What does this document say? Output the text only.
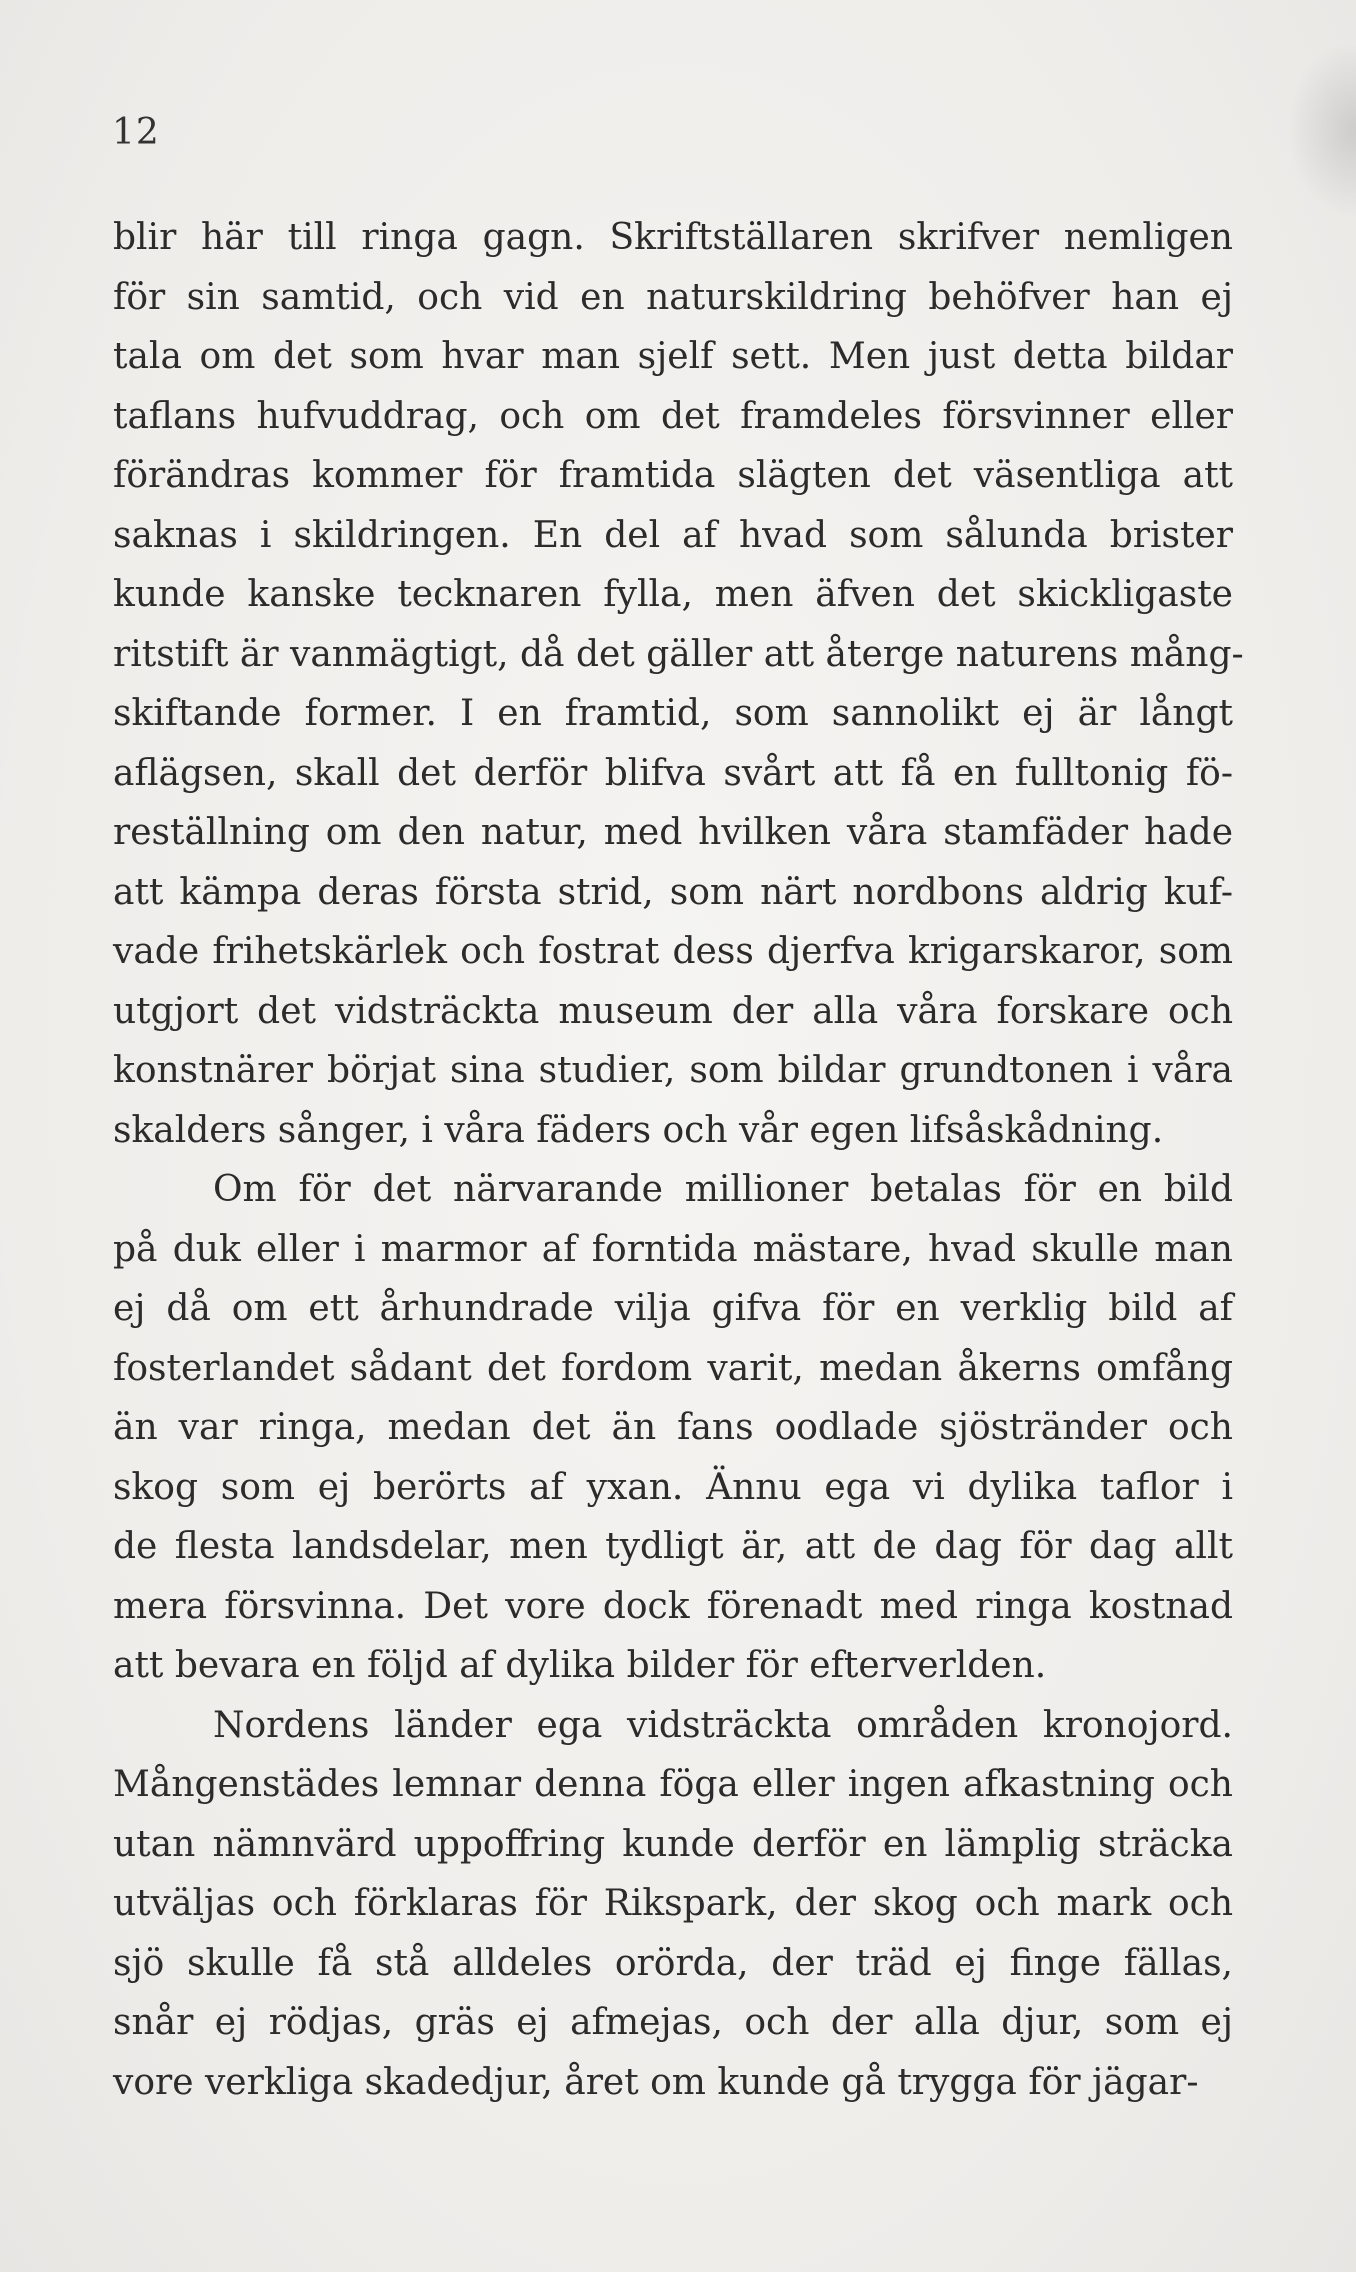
12
blir här till ringa gagn. Skriftställaren skrifver nemligen
för sin samtid, och vid en naturskildring behöfver han ej
tala om det som hvar man sjelf sett. Men just detta bildar
taflans hufvuddrag, och om det framdeles försvinner eller
förändras kommer för framtida slägten det väsentliga att
saknas i skildringen. En del af hvad som sålunda brister
kunde kanske tecknaren fylla, men äfven det skickligaste
ritstift är vanmägtigt, då det gäller att återge naturens mång-
skiftande former. I en framtid, som sannolikt ej är långt
aflägsen, skall det derför blifva svårt att få en fulltonig fö-
reställning om den natur, med hvilken våra stamfäder hade
att kämpa deras första strid, som närt nordbons aldrig kuf-
vade frihetskärlek och fostrat dess djerfva krigarskaror, som
utgjort det vidsträckta museum der alla våra forskare och
konstnärer börjat sina studier, som bildar grundtonen i våra
skalders sånger, i våra fäders och vår egen lifsåskådning.
Om för det närvarande millioner betalas för en bild
på duk eller i marmor af forntida mästare, hvad skulle man
ej då om ett århundrade vilja gifva för en verklig bild af
fosterlandet sådant det fordom varit, medan åkerns omfång
än var ringa, medan det än fans oodlade sjöstränder och
skog som ej berörts af yxan. Ännu ega vi dylika taflor i
de flesta landsdelar, men tydligt är, att de dag för dag allt
mera försvinna. Det vore dock förenadt med ringa kostnad
att bevara en följd af dylika bilder för efterverlden.
Nordens länder ega vidsträckta områden kronojord.
Mångenstädes lemnar denna föga eller ingen afkastning och
utan nämnvärd uppoffring kunde derför en lämplig sträcka
utväljas och förklaras för Rikspark, der skog och mark och
sjö skulle få stå alldeles orörda, der träd ej finge fällas,
snår ej rödjas, gräs ej afmejas, och der alla djur, som ej
vore verkliga skadedjur, året om kunde gå trygga för jägar-
